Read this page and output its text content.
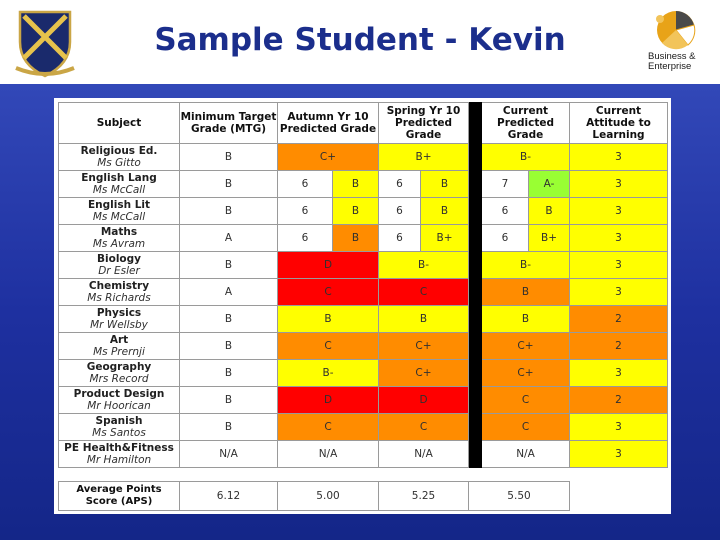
Sample Student - Kevin	Business & Enterprise
Subject	Minimum Target Grade (MTG)	Autumn Yr 10 Predicted Grade		Spring Yr 10 Predicted Grade			Current Predicted Grade		Current Attitude to Learning

Religious Ed.
Ms Gitto	B	C+		B+			B-		3

English Lang
Ms McCall	B	6	B	6	B		7	A-	3

English Lit
Ms McCall	B	6	B	6	B		6	B	3

Maths
Ms Avram	A	6	B	6	B+		6	B+	3

Biology
Dr Esler	B	D		B-			B-		3

Chemistry
Ms Richards	A	C		C			B		3

Physics
Mr Wellsby	B	B		B			B		2

Art
Ms Prernji	B	C		C+			C+		2

Geography
Mrs Record	B	B-		C+			C+		3

Product Design
Mr Hoorican	B	D		D			C		2

Spanish
Ms Santos	B	C		C			C		3

PE Health&Fitness
Mr Hamilton	N/A	N/A		N/A			N/A		3
Average Points Score (APS)	6.12	5.00	5.25	5.50
